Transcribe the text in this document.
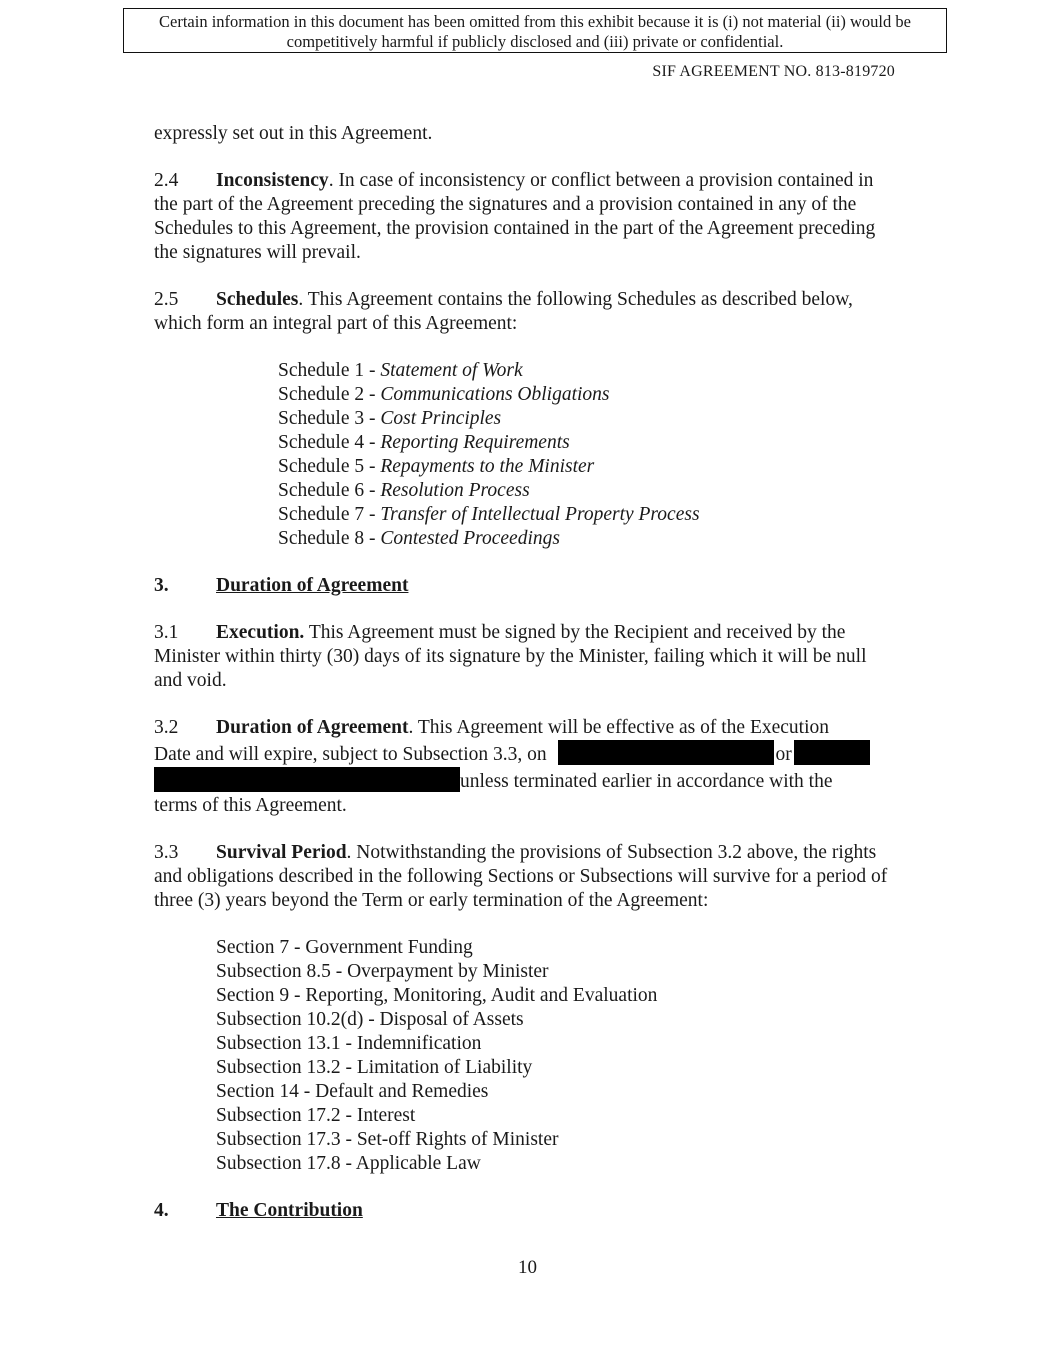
Certain information in this document has been omitted from this exhibit because it is (i) not material (ii) would be competitively harmful if publicly disclosed and (iii) private or confidential.
SIF AGREEMENT NO. 813-819720

expressly set out in this Agreement.

2.4 Inconsistency. In case of inconsistency or conflict between a provision contained in the part of the Agreement preceding the signatures and a provision contained in any of the Schedules to this Agreement, the provision contained in the part of the Agreement preceding the signatures will prevail.

2.5 Schedules. This Agreement contains the following Schedules as described below, which form an integral part of this Agreement:

Schedule 1 - Statement of Work
Schedule 2 - Communications Obligations
Schedule 3 - Cost Principles
Schedule 4 - Reporting Requirements
Schedule 5 - Repayments to the Minister
Schedule 6 - Resolution Process
Schedule 7 - Transfer of Intellectual Property Process
Schedule 8 - Contested Proceedings

3. Duration of Agreement

3.1 Execution. This Agreement must be signed by the Recipient and received by the Minister within thirty (30) days of its signature by the Minister, failing which it will be null and void.

3.2 Duration of Agreement. This Agreement will be effective as of the Execution
Date and will expire, subject to Subsection 3.3, on	or
unless terminated earlier in accordance with the
terms of this Agreement.

3.3 Survival Period. Notwithstanding the provisions of Subsection 3.2 above, the rights and obligations described in the following Sections or Subsections will survive for a period of three (3) years beyond the Term or early termination of the Agreement:

Section 7 - Government Funding
Subsection 8.5 - Overpayment by Minister
Section 9 - Reporting, Monitoring, Audit and Evaluation
Subsection 10.2(d) - Disposal of Assets
Subsection 13.1 - Indemnification
Subsection 13.2 - Limitation of Liability
Section 14 - Default and Remedies
Subsection 17.2 - Interest
Subsection 17.3 - Set-off Rights of Minister
Subsection 17.8 - Applicable Law

4. The Contribution

10
